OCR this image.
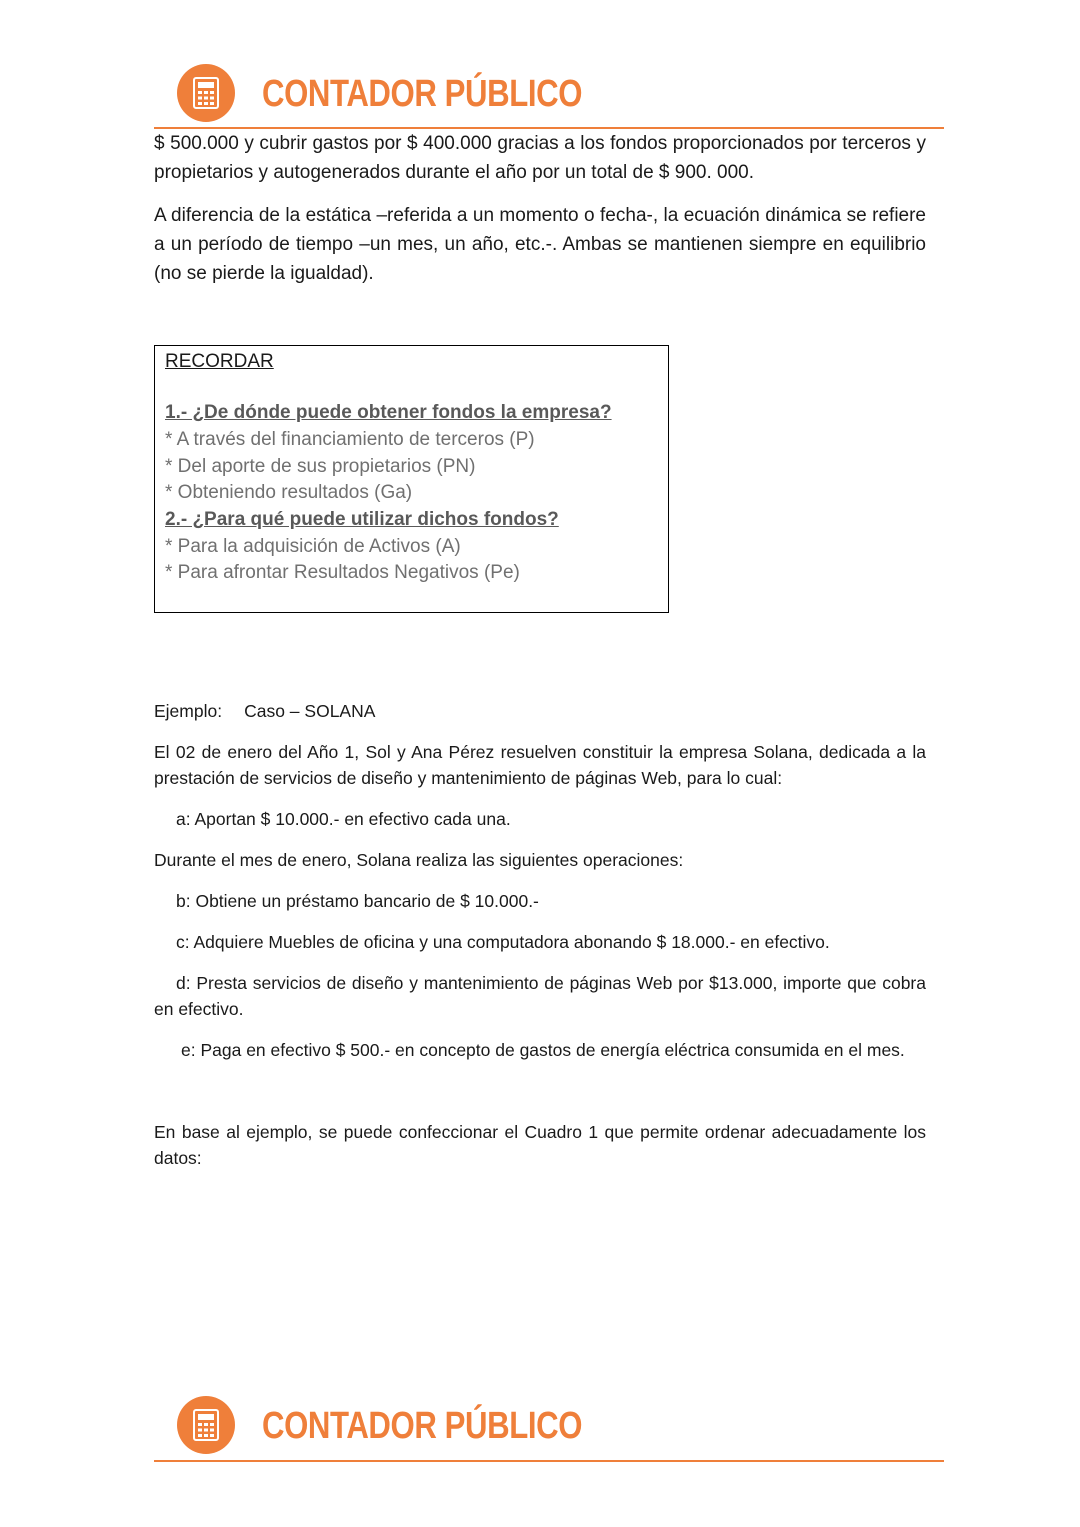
CONTADOR PÚBLICO

$ 500.000 y cubrir gastos por $ 400.000 gracias a los fondos proporcionados por terceros y propietarios y autogenerados durante el año por un total de $ 900. 000.

A diferencia de la estática –referida a un momento o fecha-, la ecuación dinámica se refiere a un período de tiempo –un mes, un año, etc.-. Ambas se mantienen siempre en equilibrio (no se pierde la igualdad).

RECORDAR
1.- ¿De dónde puede obtener fondos la empresa?
* A través del financiamiento de terceros (P)
* Del aporte de sus propietarios (PN)
* Obteniendo resultados (Ga)
2.- ¿Para qué puede utilizar dichos fondos?
* Para la adquisición de Activos (A)
* Para afrontar Resultados Negativos (Pe)

Ejemplo: Caso – SOLANA

El 02 de enero del Año 1, Sol y Ana Pérez resuelven constituir la empresa Solana, dedicada a la prestación de servicios de diseño y mantenimiento de páginas Web, para lo cual:

a: Aportan $ 10.000.- en efectivo cada una.

Durante el mes de enero, Solana realiza las siguientes operaciones:

b: Obtiene un préstamo bancario de $ 10.000.-

c: Adquiere Muebles de oficina y una computadora abonando $ 18.000.- en efectivo.

d: Presta servicios de diseño y mantenimiento de páginas Web por $13.000, importe que cobra en efectivo.

e: Paga en efectivo $ 500.- en concepto de gastos de energía eléctrica consumida en el mes.

En base al ejemplo, se puede confeccionar el Cuadro 1 que permite ordenar adecuadamente los datos:

CONTADOR PÚBLICO
